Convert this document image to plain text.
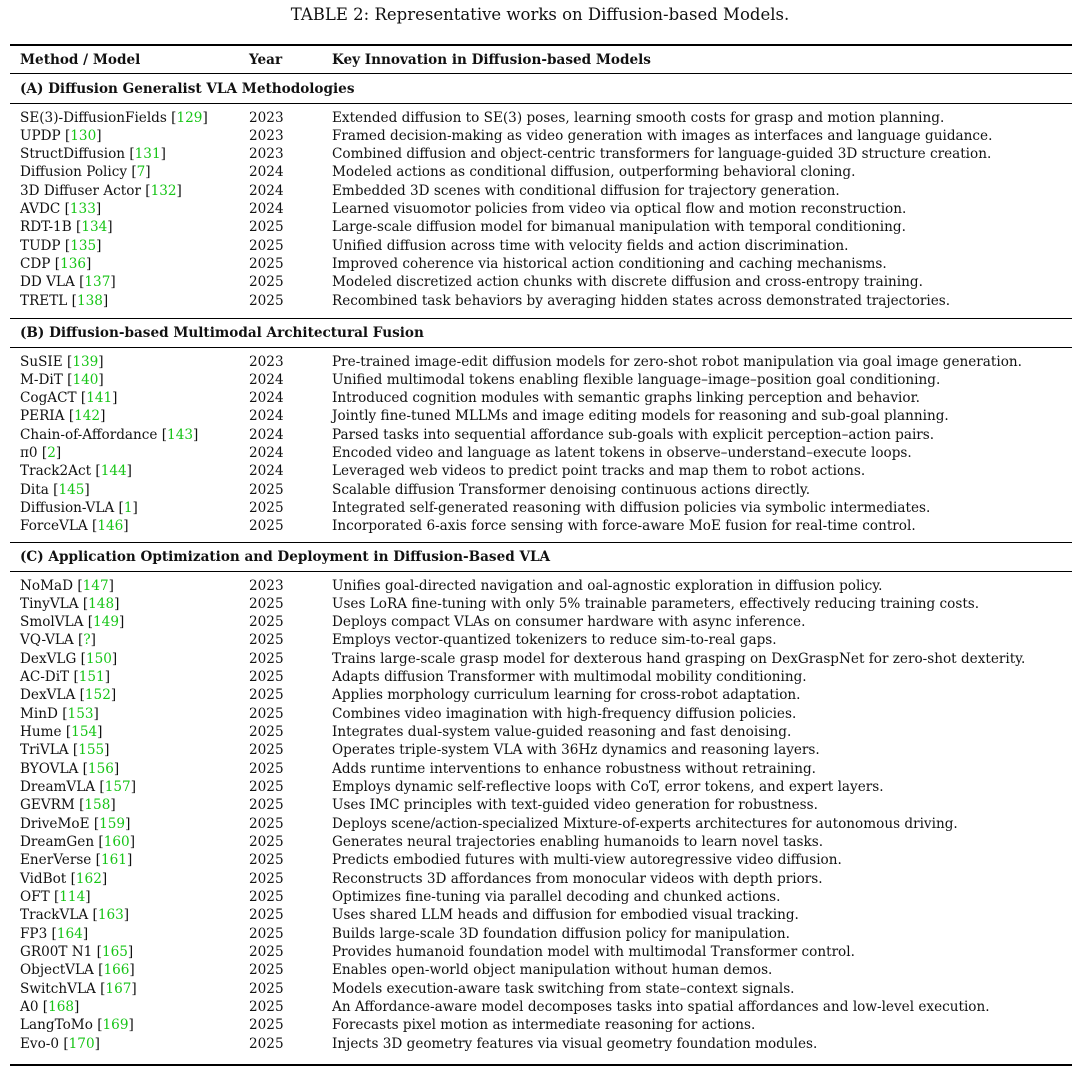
TABLE 2: Representative works on Diffusion-based Models.
Method / Model	Year	Key Innovation in Diffusion-based Models
(A) Diffusion Generalist VLA Methodologies
SE(3)-DiffusionFields [129]	2023	Extended diffusion to SE(3) poses, learning smooth costs for grasp and motion planning.
UPDP [130]	2023	Framed decision-making as video generation with images as interfaces and language guidance.
StructDiffusion [131]	2023	Combined diffusion and object-centric transformers for language-guided 3D structure creation.
Diffusion Policy [7]	2024	Modeled actions as conditional diffusion, outperforming behavioral cloning.
3D Diffuser Actor [132]	2024	Embedded 3D scenes with conditional diffusion for trajectory generation.
AVDC [133]	2024	Learned visuomotor policies from video via optical flow and motion reconstruction.
RDT-1B [134]	2025	Large-scale diffusion model for bimanual manipulation with temporal conditioning.
TUDP [135]	2025	Unified diffusion across time with velocity fields and action discrimination.
CDP [136]	2025	Improved coherence via historical action conditioning and caching mechanisms.
DD VLA [137]	2025	Modeled discretized action chunks with discrete diffusion and cross-entropy training.
TRETL [138]	2025	Recombined task behaviors by averaging hidden states across demonstrated trajectories.
(B) Diffusion-based Multimodal Architectural Fusion
SuSIE [139]	2023	Pre-trained image-edit diffusion models for zero-shot robot manipulation via goal image generation.
M-DiT [140]	2024	Unified multimodal tokens enabling flexible language–image–position goal conditioning.
CogACT [141]	2024	Introduced cognition modules with semantic graphs linking perception and behavior.
PERIA [142]	2024	Jointly fine-tuned MLLMs and image editing models for reasoning and sub-goal planning.
Chain-of-Affordance [143]	2024	Parsed tasks into sequential affordance sub-goals with explicit perception–action pairs.
π0 [2]	2024	Encoded video and language as latent tokens in observe–understand–execute loops.
Track2Act [144]	2024	Leveraged web videos to predict point tracks and map them to robot actions.
Dita [145]	2025	Scalable diffusion Transformer denoising continuous actions directly.
Diffusion-VLA [1]	2025	Integrated self-generated reasoning with diffusion policies via symbolic intermediates.
ForceVLA [146]	2025	Incorporated 6-axis force sensing with force-aware MoE fusion for real-time control.
(C) Application Optimization and Deployment in Diffusion-Based VLA
NoMaD [147]	2023	Unifies goal-directed navigation and oal-agnostic exploration in diffusion policy.
TinyVLA [148]	2025	Uses LoRA fine-tuning with only 5% trainable parameters, effectively reducing training costs.
SmolVLA [149]	2025	Deploys compact VLAs on consumer hardware with async inference.
VQ-VLA [?]	2025	Employs vector-quantized tokenizers to reduce sim-to-real gaps.
DexVLG [150]	2025	Trains large-scale grasp model for dexterous hand grasping on DexGraspNet for zero-shot dexterity.
AC-DiT [151]	2025	Adapts diffusion Transformer with multimodal mobility conditioning.
DexVLA [152]	2025	Applies morphology curriculum learning for cross-robot adaptation.
MinD [153]	2025	Combines video imagination with high-frequency diffusion policies.
Hume [154]	2025	Integrates dual-system value-guided reasoning and fast denoising.
TriVLA [155]	2025	Operates triple-system VLA with 36Hz dynamics and reasoning layers.
BYOVLA [156]	2025	Adds runtime interventions to enhance robustness without retraining.
DreamVLA [157]	2025	Employs dynamic self-reflective loops with CoT, error tokens, and expert layers.
GEVRM [158]	2025	Uses IMC principles with text-guided video generation for robustness.
DriveMoE [159]	2025	Deploys scene/action-specialized Mixture-of-experts architectures for autonomous driving.
DreamGen [160]	2025	Generates neural trajectories enabling humanoids to learn novel tasks.
EnerVerse [161]	2025	Predicts embodied futures with multi-view autoregressive video diffusion.
VidBot [162]	2025	Reconstructs 3D affordances from monocular videos with depth priors.
OFT [114]	2025	Optimizes fine-tuning via parallel decoding and chunked actions.
TrackVLA [163]	2025	Uses shared LLM heads and diffusion for embodied visual tracking.
FP3 [164]	2025	Builds large-scale 3D foundation diffusion policy for manipulation.
GR00T N1 [165]	2025	Provides humanoid foundation model with multimodal Transformer control.
ObjectVLA [166]	2025	Enables open-world object manipulation without human demos.
SwitchVLA [167]	2025	Models execution-aware task switching from state–context signals.
A0 [168]	2025	An Affordance-aware model decomposes tasks into spatial affordances and low-level execution.
LangToMo [169]	2025	Forecasts pixel motion as intermediate reasoning for actions.
Evo-0 [170]	2025	Injects 3D geometry features via visual geometry foundation modules.
